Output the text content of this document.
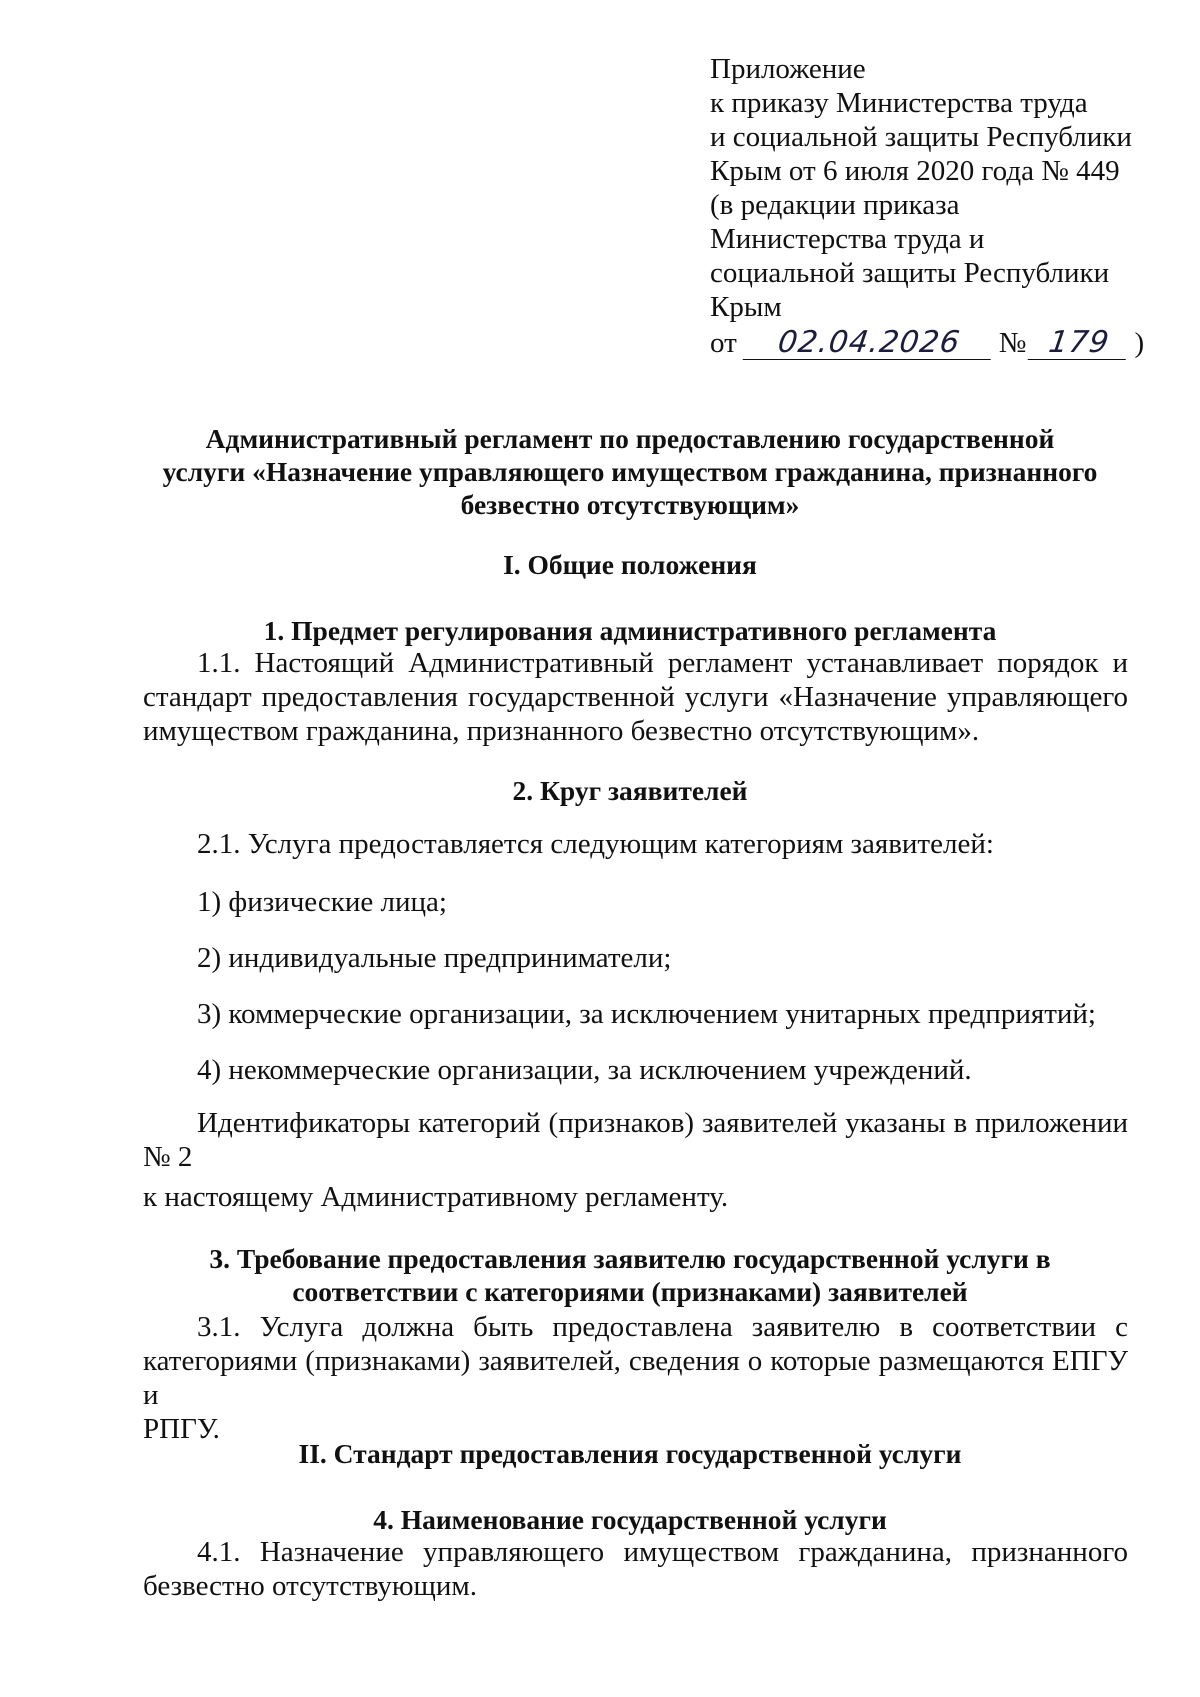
Приложение
к приказу Министерства труда
и социальной защиты Республики
Крым от 6 июля 2020 года № 449
(в редакции приказа
Министерства труда и
социальной защиты Республики
Крым
от	02.04.2026	№ 179 )
Административный регламент по предоставлению государственной
услуги «Назначение управляющего имуществом гражданина, признанного
безвестно отсутствующим»
I. Общие положения
1. Предмет регулирования административного регламента
1.1. Настоящий Административный регламент устанавливает порядок и
стандарт предоставления государственной услуги «Назначение управляющего
имуществом гражданина, признанного безвестно отсутствующим».
2. Круг заявителей
2.1. Услуга предоставляется следующим категориям заявителей:
1) физические лица;
2) индивидуальные предприниматели;
3) коммерческие организации, за исключением унитарных предприятий;
4) некоммерческие организации, за исключением учреждений.
Идентификаторы категорий (признаков) заявителей указаны в приложении
№ 2
к настоящему Административному регламенту.
3. Требование предоставления заявителю государственной услуги в
соответствии с категориями (признаками) заявителей
3.1. Услуга должна быть предоставлена заявителю в соответствии с
категориями (признаками) заявителей, сведения о которые размещаются ЕПГУ и
РПГУ.
II. Стандарт предоставления государственной услуги
4. Наименование государственной услуги
4.1. Назначение управляющего имуществом гражданина, признанного
безвестно отсутствующим.
